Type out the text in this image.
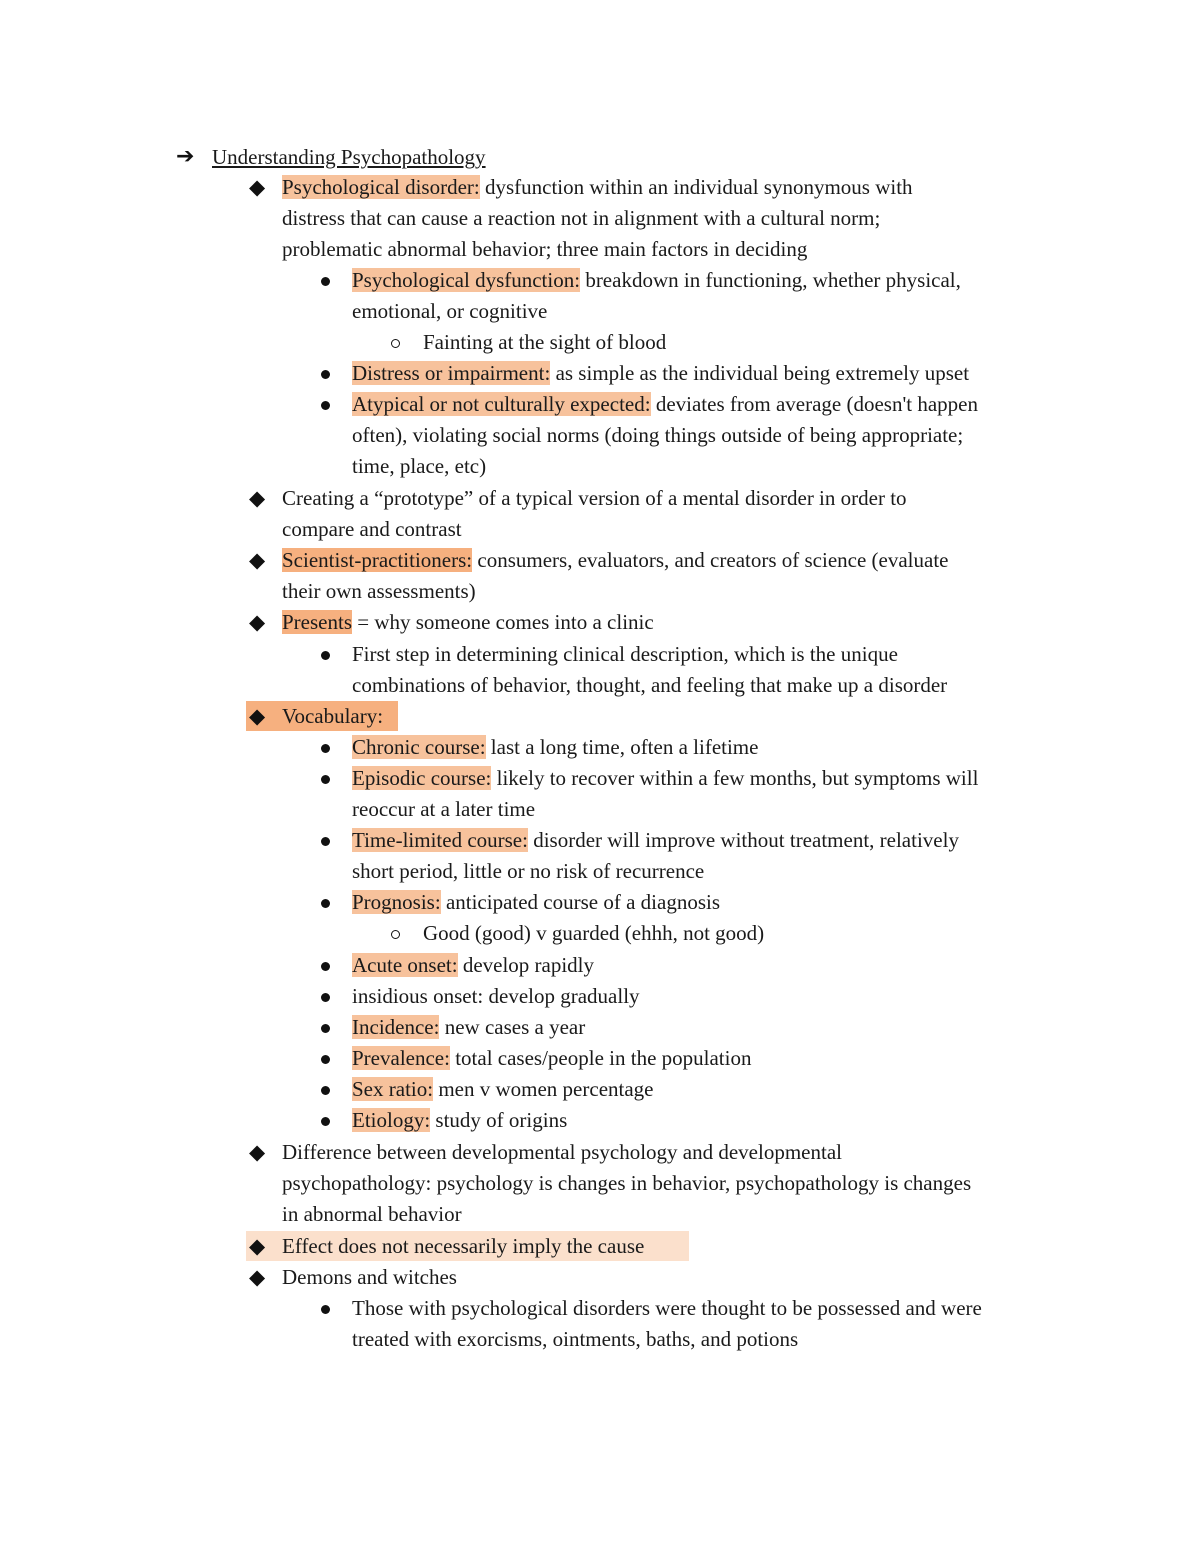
➔ Understanding Psychopathology
◆ Psychological disorder: dysfunction within an individual synonymous with
distress that can cause a reaction not in alignment with a cultural norm;
problematic abnormal behavior; three main factors in deciding
Psychological dysfunction: breakdown in functioning, whether physical,
emotional, or cognitive
Fainting at the sight of blood
Distress or impairment: as simple as the individual being extremely upset
Atypical or not culturally expected: deviates from average (doesn't happen
often), violating social norms (doing things outside of being appropriate;
time, place, etc)
◆ Creating a “prototype” of a typical version of a mental disorder in order to
compare and contrast
◆ Scientist-practitioners: consumers, evaluators, and creators of science (evaluate
their own assessments)
◆ Presents = why someone comes into a clinic
First step in determining clinical description, which is the unique
combinations of behavior, thought, and feeling that make up a disorder
◆ Vocabulary:
Chronic course: last a long time, often a lifetime
Episodic course: likely to recover within a few months, but symptoms will
reoccur at a later time
Time-limited course: disorder will improve without treatment, relatively
short period, little or no risk of recurrence
Prognosis: anticipated course of a diagnosis
Good (good) v guarded (ehhh, not good)
Acute onset: develop rapidly
insidious onset: develop gradually
Incidence: new cases a year
Prevalence: total cases/people in the population
Sex ratio: men v women percentage
Etiology: study of origins
◆ Difference between developmental psychology and developmental
psychopathology: psychology is changes in behavior, psychopathology is changes
in abnormal behavior
◆ Effect does not necessarily imply the cause
◆ Demons and witches
Those with psychological disorders were thought to be possessed and were
treated with exorcisms, ointments, baths, and potions
